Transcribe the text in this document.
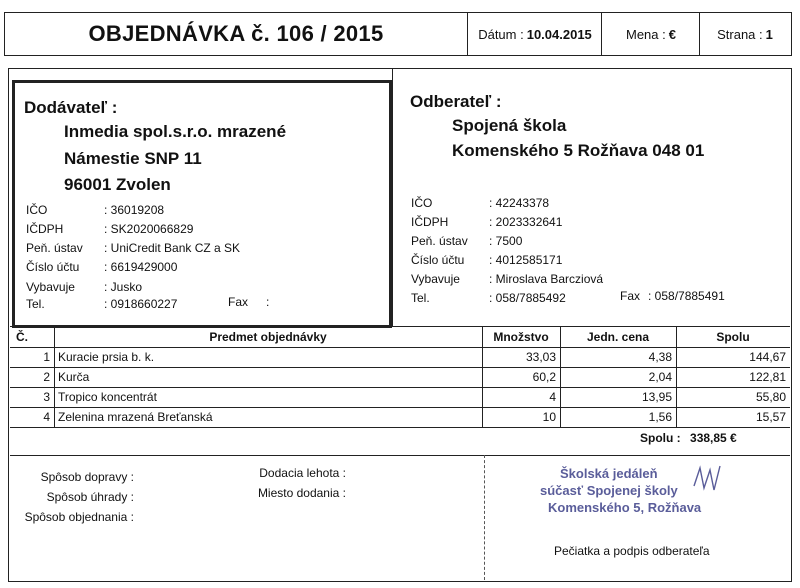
OBJEDNÁVKA č. 106 / 2015	Dátum : 10.04.2015	Mena : €	Strana : 1
Dodávateľ :
Inmedia spol.s.r.o. mrazené
Námestie SNP 11
96001 Zvolen
IČO	: 36019208
IČDPH	: SK2020066829
Peň. ústav : UniCredit Bank CZ a SK
Číslo účtu : 6619429000
Vybavuje : Jusko
Tel.	: 0918660227	Fax :
Odberateľ :
Spojená škola
Komenského 5 Rožňava 048 01
IČO	: 42243378
IČDPH	: 2023332641
Peň. ústav : 7500
Číslo účtu : 4012585171
Vybavuje : Miroslava Barcziová
Tel.	: 058/7885492	Fax : 058/7885491
Č.	Predmet objednávky	Množstvo	Jedn. cena	Spolu
1 Kuracie prsia b. k.	33,03	4,38	144,67
2 Kurča	60,2	2,04	122,81
3 Tropico koncentrát	4	13,95	55,80
4 Zelenina mrazená Breťanská	10	1,56	15,57
Spolu : 338,85 €
Spôsob dopravy :
Spôsob úhrady :
Spôsob objednania :
Dodacia lehota :
Miesto dodania :
Školská jedáleň
súčasť Spojenej školy
Komenského 5, Rožňava
Pečiatka a podpis odberateľa
